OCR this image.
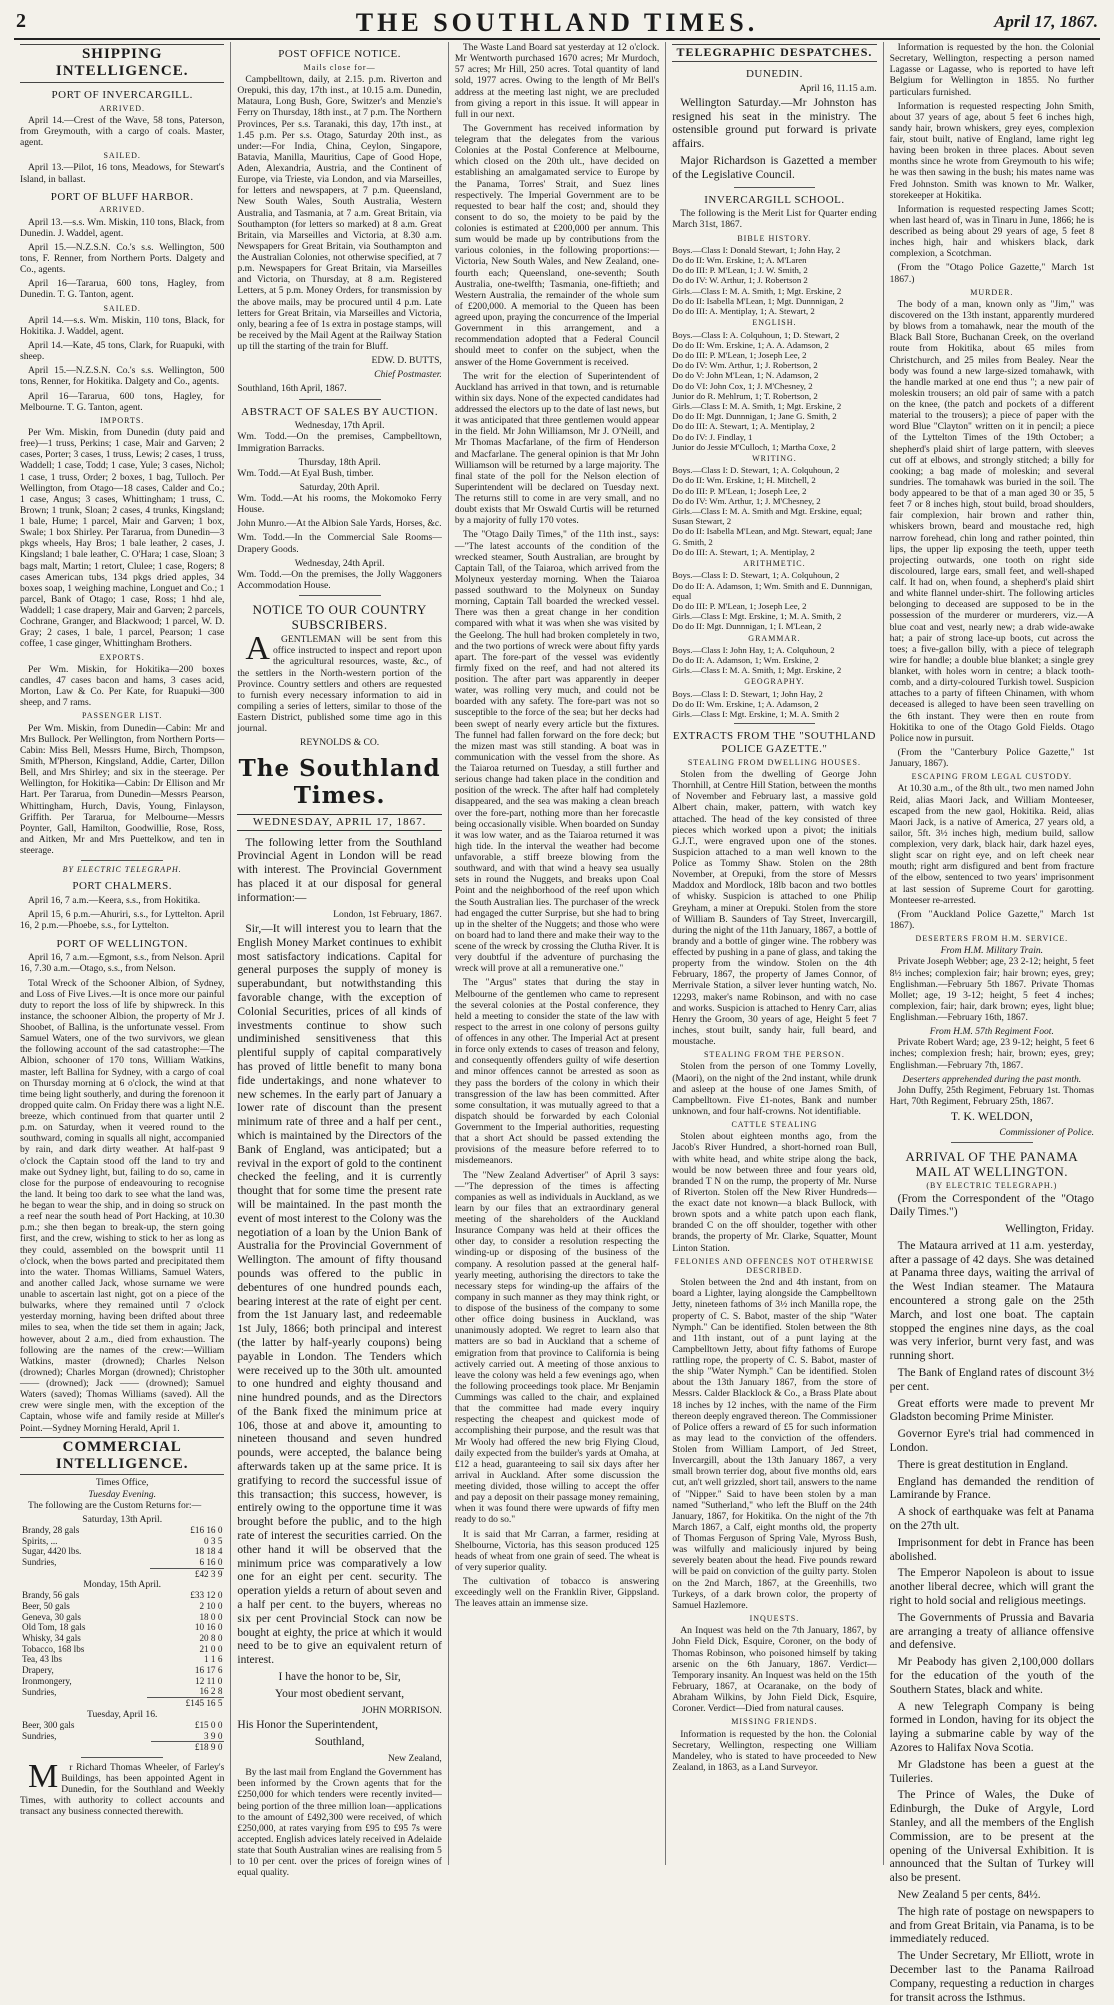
2	THE SOUTHLAND TIMES.	April 17, 1867.
SHIPPING INTELLIGENCE.
PORT OF INVERCARGILL.
ARRIVED.

April 14.—Crest of the Wave, 58 tons, Paterson, from Greymouth, with a cargo of coals. Master, agent.

SAILED.

April 13.—Pilot, 16 tons, Meadows, for Stewart's Island, in ballast.

PORT OF BLUFF HARBOR.
ARRIVED.

April 13.—s.s. Wm. Miskin, 110 tons, Black, from Dunedin. J. Waddel, agent.

April 15.—N.Z.S.N. Co.'s s.s. Wellington, 500 tons, F. Renner, from Northern Ports. Dalgety and Co., agents.

April 16—Tararua, 600 tons, Hagley, from Dunedin. T. G. Tanton, agent.

SAILED.

April 14.—s.s. Wm. Miskin, 110 tons, Black, for Hokitika. J. Waddel, agent.

April 14.—Kate, 45 tons, Clark, for Ruapuki, with sheep.

April 15.—N.Z.S.N. Co.'s s.s. Wellington, 500 tons, Renner, for Hokitika. Dalgety and Co., agents.

April 16—Tararua, 600 tons, Hagley, for Melbourne. T. G. Tanton, agent.

IMPORTS.

Per Wm. Miskin, from Dunedin (duty paid and free)—1 truss, Perkins; 1 case, Mair and Garven; 2 cases, Porter; 3 cases, 1 truss, Lewis; 2 cases, 1 truss, Waddell; 1 case, Todd; 1 case, Yule; 3 cases, Nichol; 1 case, 1 truss, Order; 2 boxes, 1 bag, Tulloch. Per Wellington, from Otago—18 cases, Calder and Co.; 1 case, Angus; 3 cases, Whittingham; 1 truss, C. Brown; 1 trunk, Sloan; 2 cases, 4 trunks, Kingsland; 1 bale, Hume; 1 parcel, Mair and Garven; 1 box, Swale; 1 box Shirley. Per Tararua, from Dunedin—3 pkgs wheels, Hay Bros; 1 bale leather, 2 cases, J. Kingsland; 1 bale leather, C. O'Hara; 1 case, Sloan; 3 bags malt, Martin; 1 retort, Clulee; 1 case, Rogers; 8 cases American tubs, 134 pkgs dried apples, 34 boxes soap, 1 weighing machine, Longuet and Co.; 1 parcel, Bank of Otago; 1 case, Ross; 1 hhd ale, Waddell; 1 case drapery, Mair and Garven; 2 parcels, Cochrane, Granger, and Blackwood; 1 parcel, W. D. Gray; 2 cases, 1 bale, 1 parcel, Pearson; 1 case coffee, 1 case ginger, Whittingham Brothers.

EXPORTS.

Per Wm. Miskin, for Hokitika—200 boxes candles, 47 cases bacon and hams, 3 cases acid, Morton, Law & Co. Per Kate, for Ruapuki—300 sheep, and 7 rams.

PASSENGER LIST.

Per Wm. Miskin, from Dunedin—Cabin: Mr and Mrs Bullock. Per Wellington, from Northern Ports—Cabin: Miss Bell, Messrs Hume, Birch, Thompson, Smith, M'Pherson, Kingsland, Addie, Carter, Dillon Bell, and Mrs Shirley; and six in the steerage. Per Wellington, for Hokitika—Cabin: Dr Ellison and Mr Hart. Per Tararua, from Dunedin—Messrs Pearson, Whittingham, Hurch, Davis, Young, Finlayson, Griffith. Per Tararua, for Melbourne—Messrs Poynter, Gall, Hamilton, Goodwillie, Rose, Ross, and Aitken, Mr and Mrs Puettelkow, and ten in steerage.

BY ELECTRIC TELEGRAPH.
PORT CHALMERS.

April 16, 7 a.m.—Keera, s.s., from Hokitika.

April 15, 6 p.m.—Ahuriri, s.s., for Lyttelton. April 16, 2 p.m.—Phoebe, s.s., for Lyttelton.

PORT OF WELLINGTON.

April 16, 7 a.m.—Egmont, s.s., from Nelson. April 16, 7.30 a.m.—Otago, s.s., from Nelson.

Total Wreck of the Schooner Albion, of Sydney, and Loss of Five Lives.—It is once more our painful duty to report the loss of life by shipwreck. In this instance, the schooner Albion, the property of Mr J. Shoobet, of Ballina, is the unfortunate vessel. From Samuel Waters, one of the two survivors, we glean the following account of the sad catastrophe:—The Albion, schooner of 170 tons, William Watkins, master, left Ballina for Sydney, with a cargo of coal on Thursday morning at 6 o'clock, the wind at that time being light southerly, and during the forenoon it dropped quite calm. On Friday there was a light N.E. breeze, which continued from that quarter until 2 p.m. on Saturday, when it veered round to the southward, coming in squalls all night, accompanied by rain, and dark dirty weather. At half-past 9 o'clock the Captain stood off the land to try and make out Sydney light, but, failing to do so, came in close for the purpose of endeavouring to recognise the land. It being too dark to see what the land was, he began to wear the ship, and in doing so struck on a reef near the south head of Port Hacking, at 10.30 p.m.; she then began to break-up, the stern going first, and the crew, wishing to stick to her as long as they could, assembled on the bowsprit until 11 o'clock, when the bows parted and precipitated them into the water. Thomas Williams, Samuel Waters, and another called Jack, whose surname we were unable to ascertain last night, got on a piece of the bulwarks, where they remained until 7 o'clock yesterday morning, having been drifted about three miles to sea, when the tide set them in again; Jack, however, about 2 a.m., died from exhaustion. The following are the names of the crew:—William Watkins, master (drowned); Charles Nelson (drowned); Charles Morgan (drowned); Christopher —— (drowned); Jack —— (drowned); Samuel Waters (saved); Thomas Williams (saved). All the crew were single men, with the exception of the Captain, whose wife and family reside at Miller's Point.—Sydney Morning Herald, April 1.

COMMERCIAL INTELLIGENCE.
Times Office,
Tuesday Evening.

The following are the Custom Returns for:—

Saturday, 13th April.
Brandy, 28 gals	£16 16 0
Spirits, ...	0 3 5
Sugar, 4420 lbs.	18 18 4
Sundries,	6 16 0
	£42 3 9
Monday, 15th April.
Brandy, 56 gals	£33 12 0
Beer, 50 gals	2 10 0
Geneva, 30 gals	18 0 0
Old Tom, 18 gals	10 16 0
Whisky, 34 gals	20 8 0
Tobacco, 168 lbs	21 0 0
Tea, 43 lbs	1 1 6
Drapery,	16 17 6
Ironmongery,	12 11 0
Sundries,	16 2 8
	£145 16 5
Tuesday, April 16.
Beer, 300 gals	£15 0 0
Sundries,	3 9 0
	£18 9 0

Mr Richard Thomas Wheeler, of Farley's Buildings, has been appointed Agent in Dunedin, for the Southland and Weekly Times, with authority to collect accounts and transact any business connected therewith.

POST OFFICE NOTICE.
Mails close for—

Campbelltown, daily, at 2.15. p.m. Riverton and Orepuki, this day, 17th inst., at 10.15 a.m. Dunedin, Mataura, Long Bush, Gore, Switzer's and Menzie's Ferry on Thursday, 18th inst., at 7 p.m. The Northern Provinces, Per s.s. Taranaki, this day, 17th inst., at 1.45 p.m. Per s.s. Otago, Saturday 20th inst., as under:—For India, China, Ceylon, Singapore, Batavia, Manilla, Mauritius, Cape of Good Hope, Aden, Alexandria, Austria, and the Continent of Europe, via Trieste, via London, and via Marseilles, for letters and newspapers, at 7 p.m. Queensland, New South Wales, South Australia, Western Australia, and Tasmania, at 7 a.m. Great Britain, via Southampton (for letters so marked) at 8 a.m. Great Britain, via Marseilles and Victoria, at 8.30 a.m. Newspapers for Great Britain, via Southampton and the Australian Colonies, not otherwise specified, at 7 p.m. Newspapers for Great Britain, via Marseilles and Victoria, on Thursday, at 8 a.m. Registered Letters, at 5 p.m. Money Orders, for transmission by the above mails, may be procured until 4 p.m. Late letters for Great Britain, via Marseilles and Victoria, only, bearing a fee of 1s extra in postage stamps, will be received by the Mail Agent at the Railway Station up till the starting of the train for Bluff.

EDW. D. BUTTS,

Chief Postmaster.

Southland, 16th April, 1867.

ABSTRACT OF SALES BY AUCTION.
Wednesday, 17th April.

Wm. Todd.—On the premises, Campbelltown, Immigration Barracks.

Thursday, 18th April.

Wm. Todd.—At Eyal Bush, timber.

Saturday, 20th April.

Wm. Todd.—At his rooms, the Mokomoko Ferry House.

John Munro.—At the Albion Sale Yards, Horses, &c.

Wm. Todd.—In the Commercial Sale Rooms—Drapery Goods.

Wednesday, 24th April.

Wm. Todd.—On the premises, the Jolly Waggoners Accommodation House.

NOTICE TO OUR COUNTRY SUBSCRIBERS.

AGENTLEMAN will be sent from this office instructed to inspect and report upon the agricultural resources, waste, &c., of the settlers in the North-western portion of the Province. Country settlers and others are requested to furnish every necessary information to aid in compiling a series of letters, similar to those of the Eastern District, published some time ago in this journal.

REYNOLDS & CO.

The Southland Times.
WEDNESDAY, APRIL 17, 1867.

The following letter from the Southland Provincial Agent in London will be read with interest. The Provincial Government has placed it at our disposal for general information:—

London, 1st February, 1867.

Sir,—It will interest you to learn that the English Money Market continues to exhibit most satisfactory indications. Capital for general purposes the supply of money is superabundant, but notwithstanding this favorable change, with the exception of Colonial Securities, prices of all kinds of investments continue to show such undiminished sensitiveness that this plentiful supply of capital comparatively has proved of little benefit to many bona fide undertakings, and none whatever to new schemes. In the early part of January a lower rate of discount than the present minimum rate of three and a half per cent., which is maintained by the Directors of the Bank of England, was anticipated; but a revival in the export of gold to the continent checked the feeling, and it is currently thought that for some time the present rate will be maintained. In the past month the event of most interest to the Colony was the negotiation of a loan by the Union Bank of Australia for the Provincial Government of Wellington. The amount of fifty thousand pounds was offered to the public in debentures of one hundred pounds each, bearing interest at the rate of eight per cent. from the 1st January last, and redeemable 1st July, 1866; both principal and interest (the latter by half-yearly coupons) being payable in London. The Tenders which were received up to the 30th ult. amounted to one hundred and eighty thousand and nine hundred pounds, and as the Directors of the Bank fixed the minimum price at 106, those at and above it, amounting to nineteen thousand and seven hundred pounds, were accepted, the balance being afterwards taken up at the same price. It is gratifying to record the successful issue of this transaction; this success, however, is entirely owing to the opportune time it was brought before the public, and to the high rate of interest the securities carried. On the other hand it will be observed that the minimum price was comparatively a low one for an eight per cent. security. The operation yields a return of about seven and a half per cent. to the buyers, whereas no six per cent Provincial Stock can now be bought at eighty, the price at which it would need to be to give an equivalent return of interest.

I have the honor to be, Sir,

Your most obedient servant,

JOHN MORRISON.

His Honor the Superintendent,

Southland,

New Zealand,

By the last mail from England the Government has been informed by the Crown agents that for the £250,000 for which tenders were recently invited—being portion of the three million loan—applications to the amount of £492,300 were received, of which £250,000, at rates varying from £95 to £95 7s were accepted. English advices lately received in Adelaide state that South Australian wines are realising from 5 to 10 per cent. over the prices of foreign wines of equal quality.

The Waste Land Board sat yesterday at 12 o'clock. Mr Wentworth purchased 1670 acres; Mr Murdoch, 57 acres; Mr Hill, 250 acres. Total quantity of land sold, 1977 acres. Owing to the length of Mr Bell's address at the meeting last night, we are precluded from giving a report in this issue. It will appear in full in our next.

The Government has received information by telegram that the delegates from the various Colonies at the Postal Conference at Melbourne, which closed on the 20th ult., have decided on establishing an amalgamated service to Europe by the Panama, Torres' Strait, and Suez lines respectively. The Imperial Government are to be requested to bear half the cost; and, should they consent to do so, the moiety to be paid by the colonies is estimated at £200,000 per annum. This sum would be made up by contributions from the various colonies, in the following proportions:—Victoria, New South Wales, and New Zealand, one-fourth each; Queensland, one-seventh; South Australia, one-twelfth; Tasmania, one-fiftieth; and Western Australia, the remainder of the whole sum of £200,000. A memorial to the Queen has been agreed upon, praying the concurrence of the Imperial Government in this arrangement, and a recommendation adopted that a Federal Council should meet to confer on the subject, when the answer of the Home Government is received.

The writ for the election of Superintendent of Auckland has arrived in that town, and is returnable within six days. None of the expected candidates had addressed the electors up to the date of last news, but it was anticipated that three gentlemen would appear in the field. Mr John Williamson, Mr J. O'Neill, and Mr Thomas Macfarlane, of the firm of Henderson and Macfarlane. The general opinion is that Mr John Williamson will be returned by a large majority. The final state of the poll for the Nelson election of Superintendent will be declared on Tuesday next. The returns still to come in are very small, and no doubt exists that Mr Oswald Curtis will be returned by a majority of fully 170 votes.

The "Otago Daily Times," of the 11th inst., says:—"The latest accounts of the condition of the wrecked steamer, South Australian, are brought by Captain Tall, of the Taiaroa, which arrived from the Molyneux yesterday morning. When the Taiaroa passed southward to the Molyneux on Sunday morning, Captain Tall boarded the wrecked vessel. There was then a great change in her condition compared with what it was when she was visited by the Geelong. The hull had broken completely in two, and the two portions of wreck were about fifty yards apart. The fore-part of the vessel was evidently firmly fixed on the reef, and had not altered its position. The after part was apparently in deeper water, was rolling very much, and could not be boarded with any safety. The fore-part was not so susceptible to the force of the sea; but her decks had been swept of nearly every article but the fixtures. The funnel had fallen forward on the fore deck; but the mizen mast was still standing. A boat was in communication with the vessel from the shore. As the Taiaroa returned on Tuesday, a still further and serious change had taken place in the condition and position of the wreck. The after half had completely disappeared, and the sea was making a clean breach over the fore-part, nothing more than her forecastle being occasionally visible. When boarded on Sunday it was low water, and as the Taiaroa returned it was high tide. In the interval the weather had become unfavorable, a stiff breeze blowing from the southward, and with that wind a heavy sea usually sets in round the Nuggets, and breaks upon Coal Point and the neighborhood of the reef upon which the South Australian lies. The purchaser of the wreck had engaged the cutter Surprise, but she had to bring up in the shelter of the Nuggets; and those who were on board had to land there and make their way to the scene of the wreck by crossing the Clutha River. It is very doubtful if the adventure of purchasing the wreck will prove at all a remunerative one."

The "Argus" states that during the stay in Melbourne of the gentlemen who came to represent the several colonies at the Postal conference, they held a meeting to consider the state of the law with respect to the arrest in one colony of persons guilty of offences in any other. The Imperial Act at present in force only extends to cases of treason and felony, and consequently offenders guilty of wife desertion and minor offences cannot be arrested as soon as they pass the borders of the colony in which their transgression of the law has been committed. After some consultation, it was mutually agreed to that a dispatch should be forwarded by each Colonial Government to the Imperial authorities, requesting that a short Act should be passed extending the provisions of the measure before referred to to misdemeanors.

The "New Zealand Advertiser" of April 3 says:—"The depression of the times is affecting companies as well as individuals in Auckland, as we learn by our files that an extraordinary general meeting of the shareholders of the Auckland Insurance Company was held at their offices the other day, to consider a resolution respecting the winding-up or disposing of the business of the company. A resolution passed at the general half-yearly meeting, authorising the directors to take the necessary steps for winding-up the affairs of the company in such manner as they may think right, or to dispose of the business of the company to some other office doing business in Auckland, was unanimously adopted. We regret to learn also that matters are so bad in Auckland that a scheme of emigration from that province to California is being actively carried out. A meeting of those anxious to leave the colony was held a few evenings ago, when the following proceedings took place. Mr Benjamin Cummings was called to the chair, and explained that the committee had made every inquiry respecting the cheapest and quickest mode of accomplishing their purpose, and the result was that Mr Wooly had offered the new brig Flying Cloud, daily expected from the builder's yards at Omaha, at £12 a head, guaranteeing to sail six days after her arrival in Auckland. After some discussion the meeting divided, those willing to accept the offer and pay a deposit on their passage money remaining, when it was found there were upwards of fifty men ready to do so."

It is said that Mr Carran, a farmer, residing at Shelbourne, Victoria, has this season produced 125 heads of wheat from one grain of seed. The wheat is of very superior quality.

The cultivation of tobacco is answering exceedingly well on the Franklin River, Gippsland. The leaves attain an immense size.

TELEGRAPHIC DESPATCHES.
DUNEDIN.

April 16, 11.15 a.m.

Wellington Saturday.—Mr Johnston has resigned his seat in the ministry. The ostensible ground put forward is private affairs.

Major Richardson is Gazetted a member of the Legislative Council.

INVERCARGILL SCHOOL.

The following is the Merit List for Quarter ending March 31st, 1867.

BIBLE HISTORY.
Boys.—Class I: Donald Stewart, 1; John Hay, 2
Do do II: Wm. Erskine, 1; A. M'Laren
Do do III: P. M'Lean, 1; J. W. Smith, 2
Do do IV: W. Arthur, 1; J. Robertson 2
Girls.—Class I: M. A. Smith, 1; Mgt. Erskine, 2
Do do II: Isabella M'Lean, 1; Mgt. Dunnnigan, 2
Do do III: A. Mentiplay, 1; A. Stewart, 2
ENGLISH.
Boys.—Class I: A. Colquhoun, 1; D. Stewart, 2
Do do II: Wm. Erskine, 1; A. A. Adamson, 2
Do do III: P. M'Lean, 1; Joseph Lee, 2
Do do IV: Wm. Arthur, 1; J. Robertson, 2
Do do V: John M'Lean, 1; N. Adamson, 2
Do do VI: John Cox, 1; J. M'Chesney, 2
Junior do R. Mehlrum, 1; T. Robertson, 2
Girls.—Class I: M. A. Smith, 1; Mgt. Erskine, 2
Do do II: Mgt. Dunnnigan, 1; Jane G. Smith, 2
Do do III: A. Stewart, 1; A. Mentiplay, 2
Do do IV: J. Findlay, 1
Junior do Jessie M'Culloch, 1; Martha Coxe, 2
WRITING.
Boys.—Class I: D. Stewart, 1; A. Colquhoun, 2
Do do II: Wm. Erskine, 1; H. Mitchell, 2
Do do III: P. M'Lean, 1; Joseph Lee, 2
Do do IV: Wm. Arthur, 1; J. M'Chesney, 2
Girls.—Class I: M. A. Smith and Mgt. Erskine, equal; Susan Stewart, 2
Do do II: Isabella M'Lean, and Mgt. Stewart, equal; Jane G. Smith, 2
Do do III: A. Stewart, 1; A. Mentiplay, 2
ARITHMETIC.
Boys.—Class I: D. Stewart, 1; A. Colquhoun, 2
Do do II: A. Adamson, 1; Wm. Smith and E. Dunnnigan, equal
Do do III: P. M'Lean, 1; Joseph Lee, 2
Girls.—Class I: Mgt. Erskine, 1; M. A. Smith, 2
Do do II: Mgt. Dunnnigan, 1; I. M'Lean, 2
GRAMMAR.
Boys.—Class I: John Hay, 1; A. Colquhoun, 2
Do do II: A. Adamson, 1; Wm. Erskine, 2
Girls.—Class I: M. A. Smith, 1; Mgt. Erskine, 2
GEOGRAPHY.
Boys.—Class I: D. Stewart, 1; John Hay, 2
Do do II: Wm. Erskine, 1; A. Adamson, 2
Girls.—Class I: Mgt. Erskine, 1; M. A. Smith 2
EXTRACTS FROM THE "SOUTHLAND POLICE GAZETTE."
STEALING FROM DWELLING HOUSES.

Stolen from the dwelling of George John Thornhill, at Centre Hill Station, between the months of November and February last, a massive gold Albert chain, maker, pattern, with watch key attached. The head of the key consisted of three pieces which worked upon a pivot; the initials G.J.T., were engraved upon one of the stones. Suspicion attached to a man well known to the Police as Tommy Shaw. Stolen on the 28th November, at Orepuki, from the store of Messrs Maddox and Mordlock, 18lb bacon and two bottles of whisky. Suspicion is attached to one Philip Greyham, a miner at Orepuki. Stolen from the store of William B. Saunders of Tay Street, Invercargill, during the night of the 11th January, 1867, a bottle of brandy and a bottle of ginger wine. The robbery was effected by pushing in a pane of glass, and taking the property from the window. Stolen on the 4th February, 1867, the property of James Connor, of Merrivale Station, a silver lever hunting watch, No. 12293, maker's name Robinson, and with no case and works. Suspicion is attached to Henry Carr, alias Henry the Groom, 30 years of age, Height 5 feet 7 inches, stout built, sandy hair, full beard, and moustache.

STEALING FROM THE PERSON.

Stolen from the person of one Tommy Lovelly, (Maori), on the night of the 2nd instant, while drunk and asleep at the house of one James Smith, of Campbelltown. Five £1-notes, Bank and number unknown, and four half-crowns. Not identifiable.

CATTLE STEALING

Stolen about eighteen months ago, from the Jacob's River Hundred, a short-horned roan Bull, with white head, and white stripe along the back, would be now between three and four years old, branded T N on the rump, the property of Mr. Nurse of Riverton. Stolen off the New River Hundreds—the exact date not known—a black Bullock, with brown spots and a white patch upon each flank, branded C on the off shoulder, together with other brands, the property of Mr. Clarke, Squatter, Mount Linton Station.

FELONIES AND OFFENCES NOT OTHERWISE DESCRIBED.

Stolen between the 2nd and 4th instant, from on board a Lighter, laying alongside the Campbelltown Jetty, nineteen fathoms of 3½ inch Manilla rope, the property of C. S. Babot, master of the ship "Water Nymph." Can be identified. Stolen between the 8th and 11th instant, out of a punt laying at the Campbelltown Jetty, about fifty fathoms of Europe rattling rope, the property of C. S. Babot, master of the ship "Water Nymph." Can be identified. Stolen about the 13th January 1867, from the store of Messrs. Calder Blacklock & Co., a Brass Plate about 18 inches by 12 inches, with the name of the Firm thereon deeply engraved thereon. The Commissioner of Police offers a reward of £5 for such information as may lead to the conviction of the offenders. Stolen from William Lamport, of Jed Street, Invercargill, about the 13th January 1867, a very small brown terrier dog, about five months old, ears cut, an't well grizzled, short tail, answers to the name of "Nipper." Said to have been stolen by a man named "Sutherland," who left the Bluff on the 24th January, 1867, for Hokitika. On the night of the 7th March 1867, a Calf, eight months old, the property of Thomas Ferguson of Spring Vale, Myross Bush, was wilfully and maliciously injured by being severely beaten about the head. Five pounds reward will be paid on conviction of the guilty party. Stolen on the 2nd March, 1867, at the Greenhills, two Turkeys, of a dark brown color, the property of Samuel Hazlemore.

INQUESTS.

An Inquest was held on the 7th January, 1867, by John Field Dick, Esquire, Coroner, on the body of Thomas Robinson, who poisoned himself by taking arsenic on the 6th January, 1867. Verdict—Temporary insanity. An Inquest was held on the 15th February, 1867, at Ocaranake, on the body of Abraham Wilkins, by John Field Dick, Esquire, Coroner. Verdict—Died from natural causes.

MISSING FRIENDS.

Information is requested by the hon. the Colonial Secretary, Wellington, respecting one William Mandeley, who is stated to have proceeded to New Zealand, in 1863, as a Land Surveyor.

Information is requested by the hon. the Colonial Secretary, Wellington, respecting a person named Lagasse or Lagasse, who is reported to have left Belgium for Wellington in 1855. No further particulars furnished.

Information is requested respecting John Smith, about 37 years of age, about 5 feet 6 inches high, sandy hair, brown whiskers, grey eyes, complexion fair, stout built, native of England, lame right leg having been broken in three places. About seven months since he wrote from Greymouth to his wife; he was then sawing in the bush; his mates name was Fred Johnston. Smith was known to Mr. Walker, storekeeper at Hokitika.

Information is requested respecting James Scott; when last heard of, was in Tinaru in June, 1866; he is described as being about 29 years of age, 5 feet 8 inches high, hair and whiskers black, dark complexion, a Scotchman.

(From the "Otago Police Gazette," March 1st 1867.)

MURDER.

The body of a man, known only as "Jim," was discovered on the 13th instant, apparently murdered by blows from a tomahawk, near the mouth of the Black Ball Store, Buchanan Creek, on the overland route from Hokitika, about 65 miles from Christchurch, and 25 miles from Bealey. Near the body was found a new large-sized tomahawk, with the handle marked at one end thus "; a new pair of moleskin trousers; an old pair of same with a patch on the knee, (the patch and pockets of a different material to the trousers); a piece of paper with the word Blue "Clayton" written on it in pencil; a piece of the Lyttelton Times of the 19th October; a shepherd's plaid shirt of large pattern, with sleeves cut off at elbows, and strongly stitched; a billy for cooking; a bag made of moleskin; and several sundries. The tomahawk was buried in the soil. The body appeared to be that of a man aged 30 or 35, 5 feet 7 or 8 inches high, stout build, broad shoulders, fair complexion, hair brown and rather thin, whiskers brown, beard and moustache red, high narrow forehead, chin long and rather pointed, thin lips, the upper lip exposing the teeth, upper teeth projecting outwards, one tooth on right side discoloured, large ears, small feet, and well-shaped calf. It had on, when found, a shepherd's plaid shirt and white flannel under-shirt. The following articles belonging to deceased are supposed to be in the possession of the murderer or murderers, viz.—A blue coat and vest, nearly new; a drab wide-awake hat; a pair of strong lace-up boots, cut across the toes; a five-gallon billy, with a piece of telegraph wire for handle; a double blue blanket; a single grey blanket, with holes worn in centre; a black tooth-comb, and a dirty-coloured Turkish towel. Suspicion attaches to a party of fifteen Chinamen, with whom deceased is alleged to have been seen travelling on the 6th instant. They were then en route from Hokitika to one of the Otago Gold Fields. Otago Police now in pursuit.

(From the "Canterbury Police Gazette," 1st January, 1867).

ESCAPING FROM LEGAL CUSTODY.

At 10.30 a.m., of the 8th ult., two men named John Reid, alias Maori Jack, and William Monteeser, escaped from the new gaol, Hokitika. Reid, alias Maori Jack, is a native of America, 27 years old, a sailor, 5ft. 3½ inches high, medium build, sallow complexion, very dark, black hair, dark hazel eyes, slight scar on right eye, and on left cheek near mouth; right arm disfigured and bent from fracture of the elbow, sentenced to two years' imprisonment at last session of Supreme Court for garotting. Monteeser re-arrested.

(From "Auckland Police Gazette," March 1st 1867).

DESERTERS FROM H.M. SERVICE.
From H.M. Military Train.

Private Joseph Webber; age, 23 2-12; height, 5 feet 8½ inches; complexion fair; hair brown; eyes, grey; Englishman.—February 5th 1867. Private Thomas Mollet; age, 19 3-12; height, 5 feet 4 inches; complexion, fair; hair, dark brown; eyes, light blue; Englishman.—February 16th, 1867.

From H.M. 57th Regiment Foot.

Private Robert Ward; age, 23 9-12; height, 5 feet 6 inches; complexion fresh; hair, brown; eyes, grey; Englishman.—February 7th, 1867.

Deserters apprehended during the past month.

John Duffy, 25th Regiment, February 1st. Thomas Hart, 70th Regiment, February 25th, 1867.

T. K. WELDON,

Commissioner of Police.

ARRIVAL OF THE PANAMA MAIL AT WELLINGTON.
(BY ELECTRIC TELEGRAPH.)

(From the Correspondent of the "Otago Daily Times.")

Wellington, Friday.

The Mataura arrived at 11 a.m. yesterday, after a passage of 42 days. She was detained at Panama three days, waiting the arrival of the West Indian steamer. The Mataura encountered a strong gale on the 25th March, and lost one boat. The captain stopped the engines nine days, as the coal was very inferior, burnt very fast, and was running short.

The Bank of England rates of discount 3½ per cent.

Great efforts were made to prevent Mr Gladston becoming Prime Minister.

Governor Eyre's trial had commenced in London.

There is great destitution in England.

England has demanded the rendition of Lamirande by France.

A shock of earthquake was felt at Panama on the 27th ult.

Imprisonment for debt in France has been abolished.

The Emperor Napoleon is about to issue another liberal decree, which will grant the right to hold social and religious meetings.

The Governments of Prussia and Bavaria are arranging a treaty of alliance offensive and defensive.

Mr Peabody has given 2,100,000 dollars for the education of the youth of the Southern States, black and white.

A new Telegraph Company is being formed in London, having for its object the laying a submarine cable by way of the Azores to Halifax Nova Scotia.

Mr Gladstone has been a guest at the Tuileries.

The Prince of Wales, the Duke of Edinburgh, the Duke of Argyle, Lord Stanley, and all the members of the English Commission, are to be present at the opening of the Universal Exhibition. It is announced that the Sultan of Turkey will also be present.

New Zealand 5 per cents, 84½.

The high rate of postage on newspapers to and from Great Britain, via Panama, is to be immediately reduced.

The Under Secretary, Mr Elliott, wrote in December last to the Panama Railroad Company, requesting a reduction in charges for transit across the Isthmus.
